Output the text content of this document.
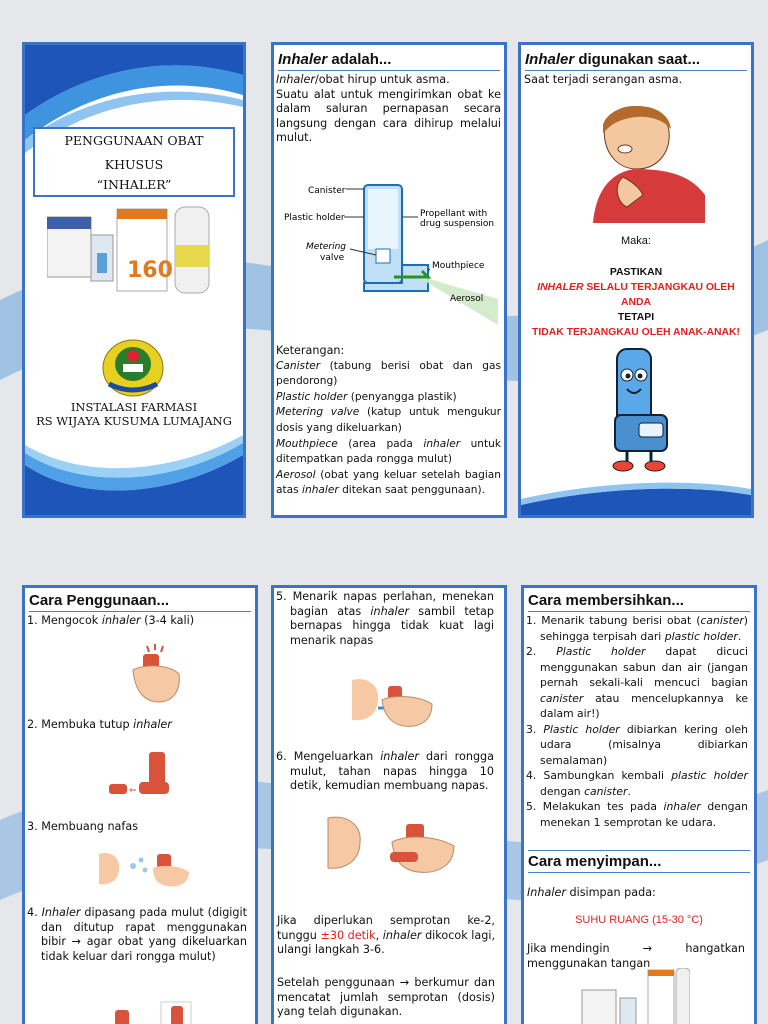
PENGGUNAAN OBAT
KHUSUS
“INHALER”
160
INSTALASI FARMASI
RS WIJAYA KUSUMA LUMAJANG
Inhaler adalah...
Inhaler/obat hirup untuk asma.
Suatu alat untuk mengirimkan obat ke dalam saluran pernapasan secara langsung dengan cara dihirup melalui mulut.
Canister
Plastic holder	Propellant with
drug suspension
Metering
valve
Mouthpiece
Aerosol
Keterangan:
Canister (tabung berisi obat dan gas pendorong)
Plastic holder (penyangga plastik)
Metering valve (katup untuk mengukur dosis yang dikeluarkan)
Mouthpiece (area pada inhaler untuk ditempatkan pada rongga mulut)
Aerosol (obat yang keluar setelah bagian atas inhaler ditekan saat penggunaan).
Inhaler digunakan saat...
Saat terjadi serangan asma.
Maka:
PASTIKAN
INHALER SELALU TERJANGKAU OLEH
ANDA
TETAPI
TIDAK TERJANGKAU OLEH ANAK-ANAK!
Cara Penggunaan...
1. Mengocok inhaler (3-4 kali)
2. Membuka tutup inhaler
⇐
3. Membuang nafas
4. Inhaler dipasang pada mulut (digigit dan ditutup rapat menggunakan bibir → agar obat yang dikeluarkan tidak keluar dari rongga mulut)
5. Menarik napas perlahan, menekan bagian atas inhaler sambil tetap bernapas hingga tidak kuat lagi menarik napas
6. Mengeluarkan inhaler dari rongga mulut, tahan napas hingga 10 detik, kemudian membuang napas.
Jika diperlukan semprotan ke-2, tunggu ±30 detik, inhaler dikocok lagi, ulangi langkah 3-6.
Setelah penggunaan → berkumur dan mencatat jumlah semprotan (dosis) yang telah digunakan.
Cara membersihkan...
1. Menarik tabung berisi obat (canister) sehingga terpisah dari plastic holder.
2. Plastic holder dapat dicuci menggunakan sabun dan air (jangan pernah sekali-kali mencuci bagian canister atau mencelupkannya ke dalam air!)
3. Plastic holder dibiarkan kering oleh udara (misalnya dibiarkan semalaman)
4. Sambungkan kembali plastic holder dengan canister.
5. Melakukan tes pada inhaler dengan menekan 1 semprotan ke udara.
Cara menyimpan...
Inhaler disimpan pada:
SUHU RUANG (15-30 °C)
Jika mendingin	→	hangatkan
menggunakan tangan
